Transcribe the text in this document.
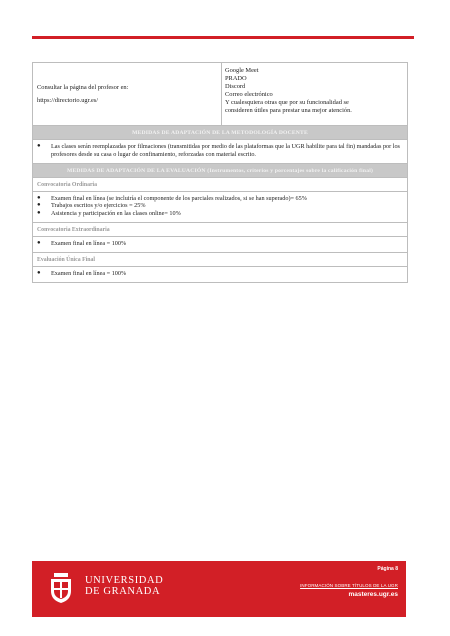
Consultar la página del profesor en:
https://directorio.ugr.es/
Google Meet
PRADO
Discord
Correo electrónico
Y cualesquiera otras que por su funcionalidad se
consideren útiles para prestar una mejor atención.
MEDIDAS DE ADAPTACIÓN DE LA METODOLOGÍA DOCENTE
● Las clases serán reemplazadas por filmaciones (transmitidas por medio de las plataformas que la UGR habilite para tal fin) mandadas por los profesores desde su casa o lugar de confinamiento, reforzadas con material escrito.
MEDIDAS DE ADAPTACIÓN DE LA EVALUACIÓN (Instrumentos, criterios y porcentajes sobre la calificación final)
Convocatoria Ordinaria
● Examen final en línea (se incluiría el componente de los parciales realizados, si se han superado)= 65%
● Trabajos escritos y/o ejercicios = 25%
● Asistencia y participación en las clases online= 10%
Convocatoria Extraordinaria
● Examen final en línea = 100%
Evaluación Única Final
● Examen final en línea = 100%
UNIVERSIDAD
DE GRANADA
Página 8
INFORMACIÓN SOBRE TÍTULOS DE LA UGR
masteres.ugr.es
